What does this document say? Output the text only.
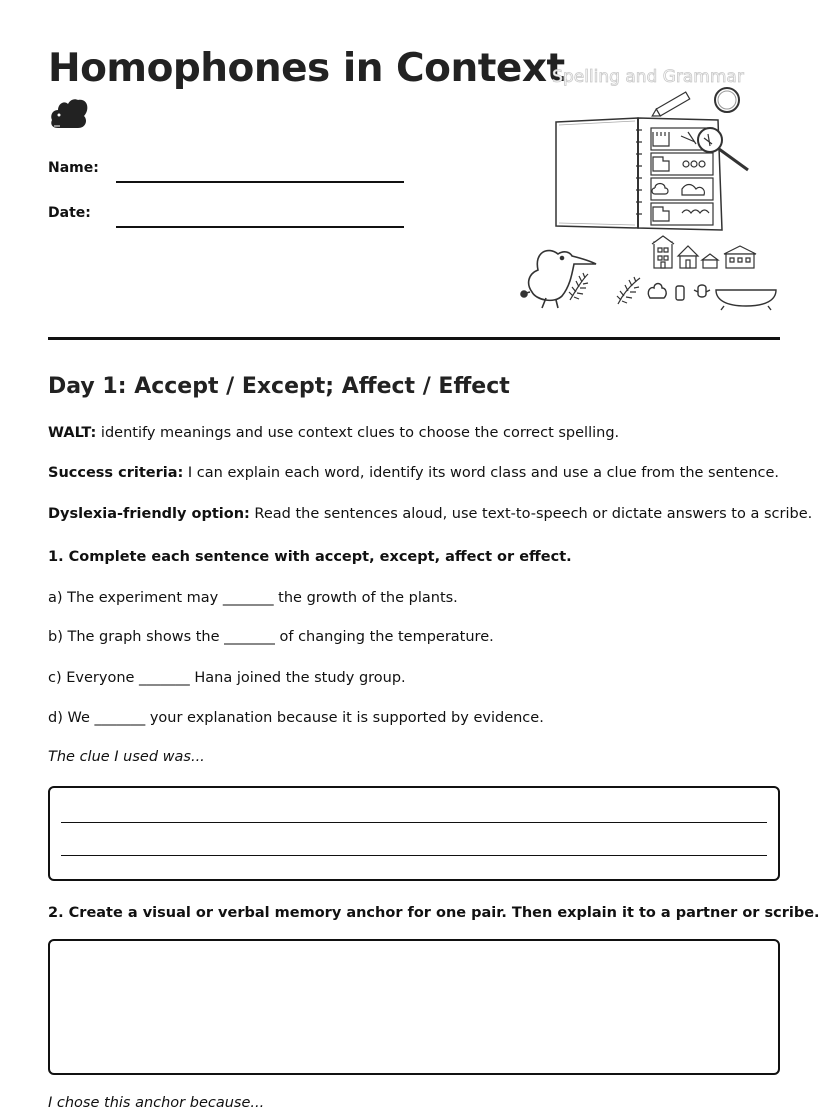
Homophones in Context
Name:
Date:
Spelling and Grammar
Day 1: Accept / Except; Affect / Effect
WALT: identify meanings and use context clues to choose the correct spelling.
Success criteria: I can explain each word, identify its word class and use a clue from the sentence.
Dyslexia-friendly option: Read the sentences aloud, use text-to-speech or dictate answers to a scribe.
1. Complete each sentence with accept, except, affect or effect.
a) The experiment may _______ the growth of the plants.
b) The graph shows the _______ of changing the temperature.
c) Everyone _______ Hana joined the study group.
d) We _______ your explanation because it is supported by evidence.
The clue I used was...
2. Create a visual or verbal memory anchor for one pair. Then explain it to a partner or scribe.
I chose this anchor because...
